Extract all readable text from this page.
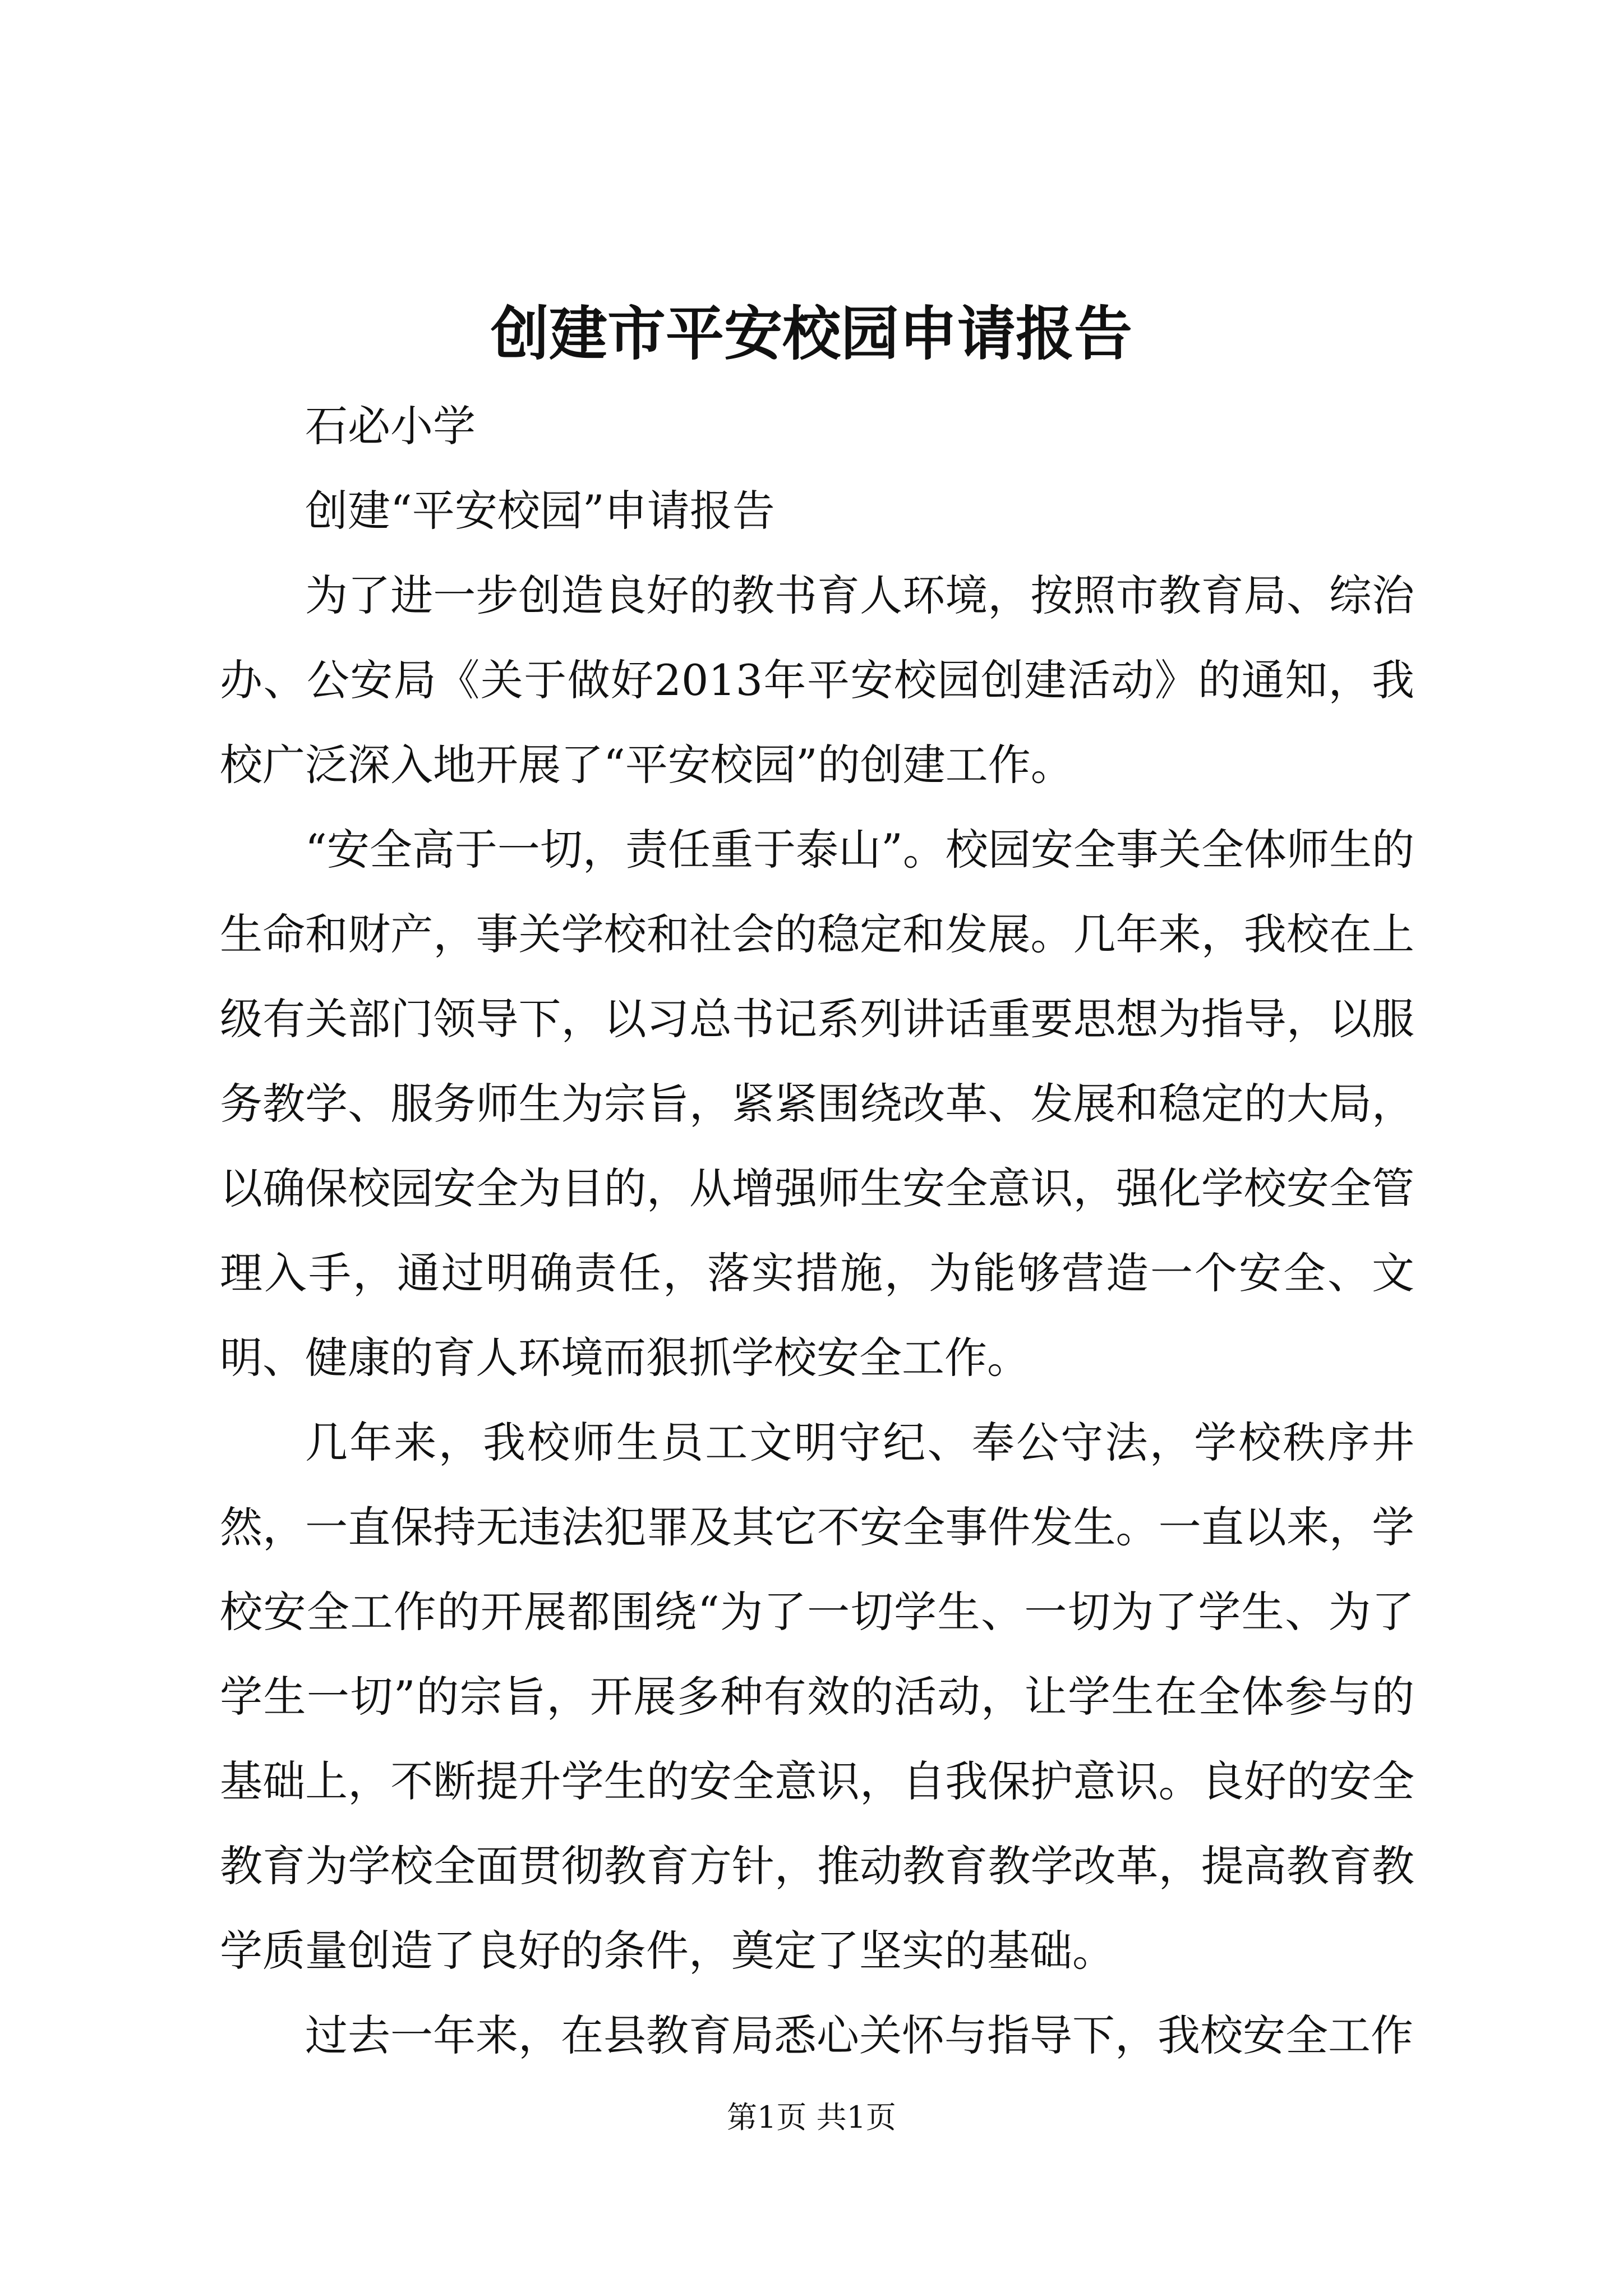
创建市平安校园申请报告

石必小学

创建“平安校园”申请报告

为了进一步创造良好的教书育人环境，按照市教育局、综治办、公安局《关于做好2013年平安校园创建活动》的通知，我校广泛深入地开展了“平安校园”的创建工作。

“安全高于一切，责任重于泰山”。校园安全事关全体师生的生命和财产，事关学校和社会的稳定和发展。几年来，我校在上级有关部门领导下，以习总书记系列讲话重要思想为指导，以服务教学、服务师生为宗旨，紧紧围绕改革、发展和稳定的大局，以确保校园安全为目的，从增强师生安全意识，强化学校安全管理入手，通过明确责任，落实措施，为能够营造一个安全、文明、健康的育人环境而狠抓学校安全工作。

几年来，我校师生员工文明守纪、奉公守法，学校秩序井然，一直保持无违法犯罪及其它不安全事件发生。一直以来，学校安全工作的开展都围绕“为了一切学生、一切为了学生、为了学生一切”的宗旨，开展多种有效的活动，让学生在全体参与的基础上，不断提升学生的安全意识，自我保护意识。良好的安全教育为学校全面贯彻教育方针，推动教育教学改革，提高教育教学质量创造了良好的条件，奠定了坚实的基础。

过去一年来，在县教育局悉心关怀与指导下，我校安全工作

第1页 共1页
